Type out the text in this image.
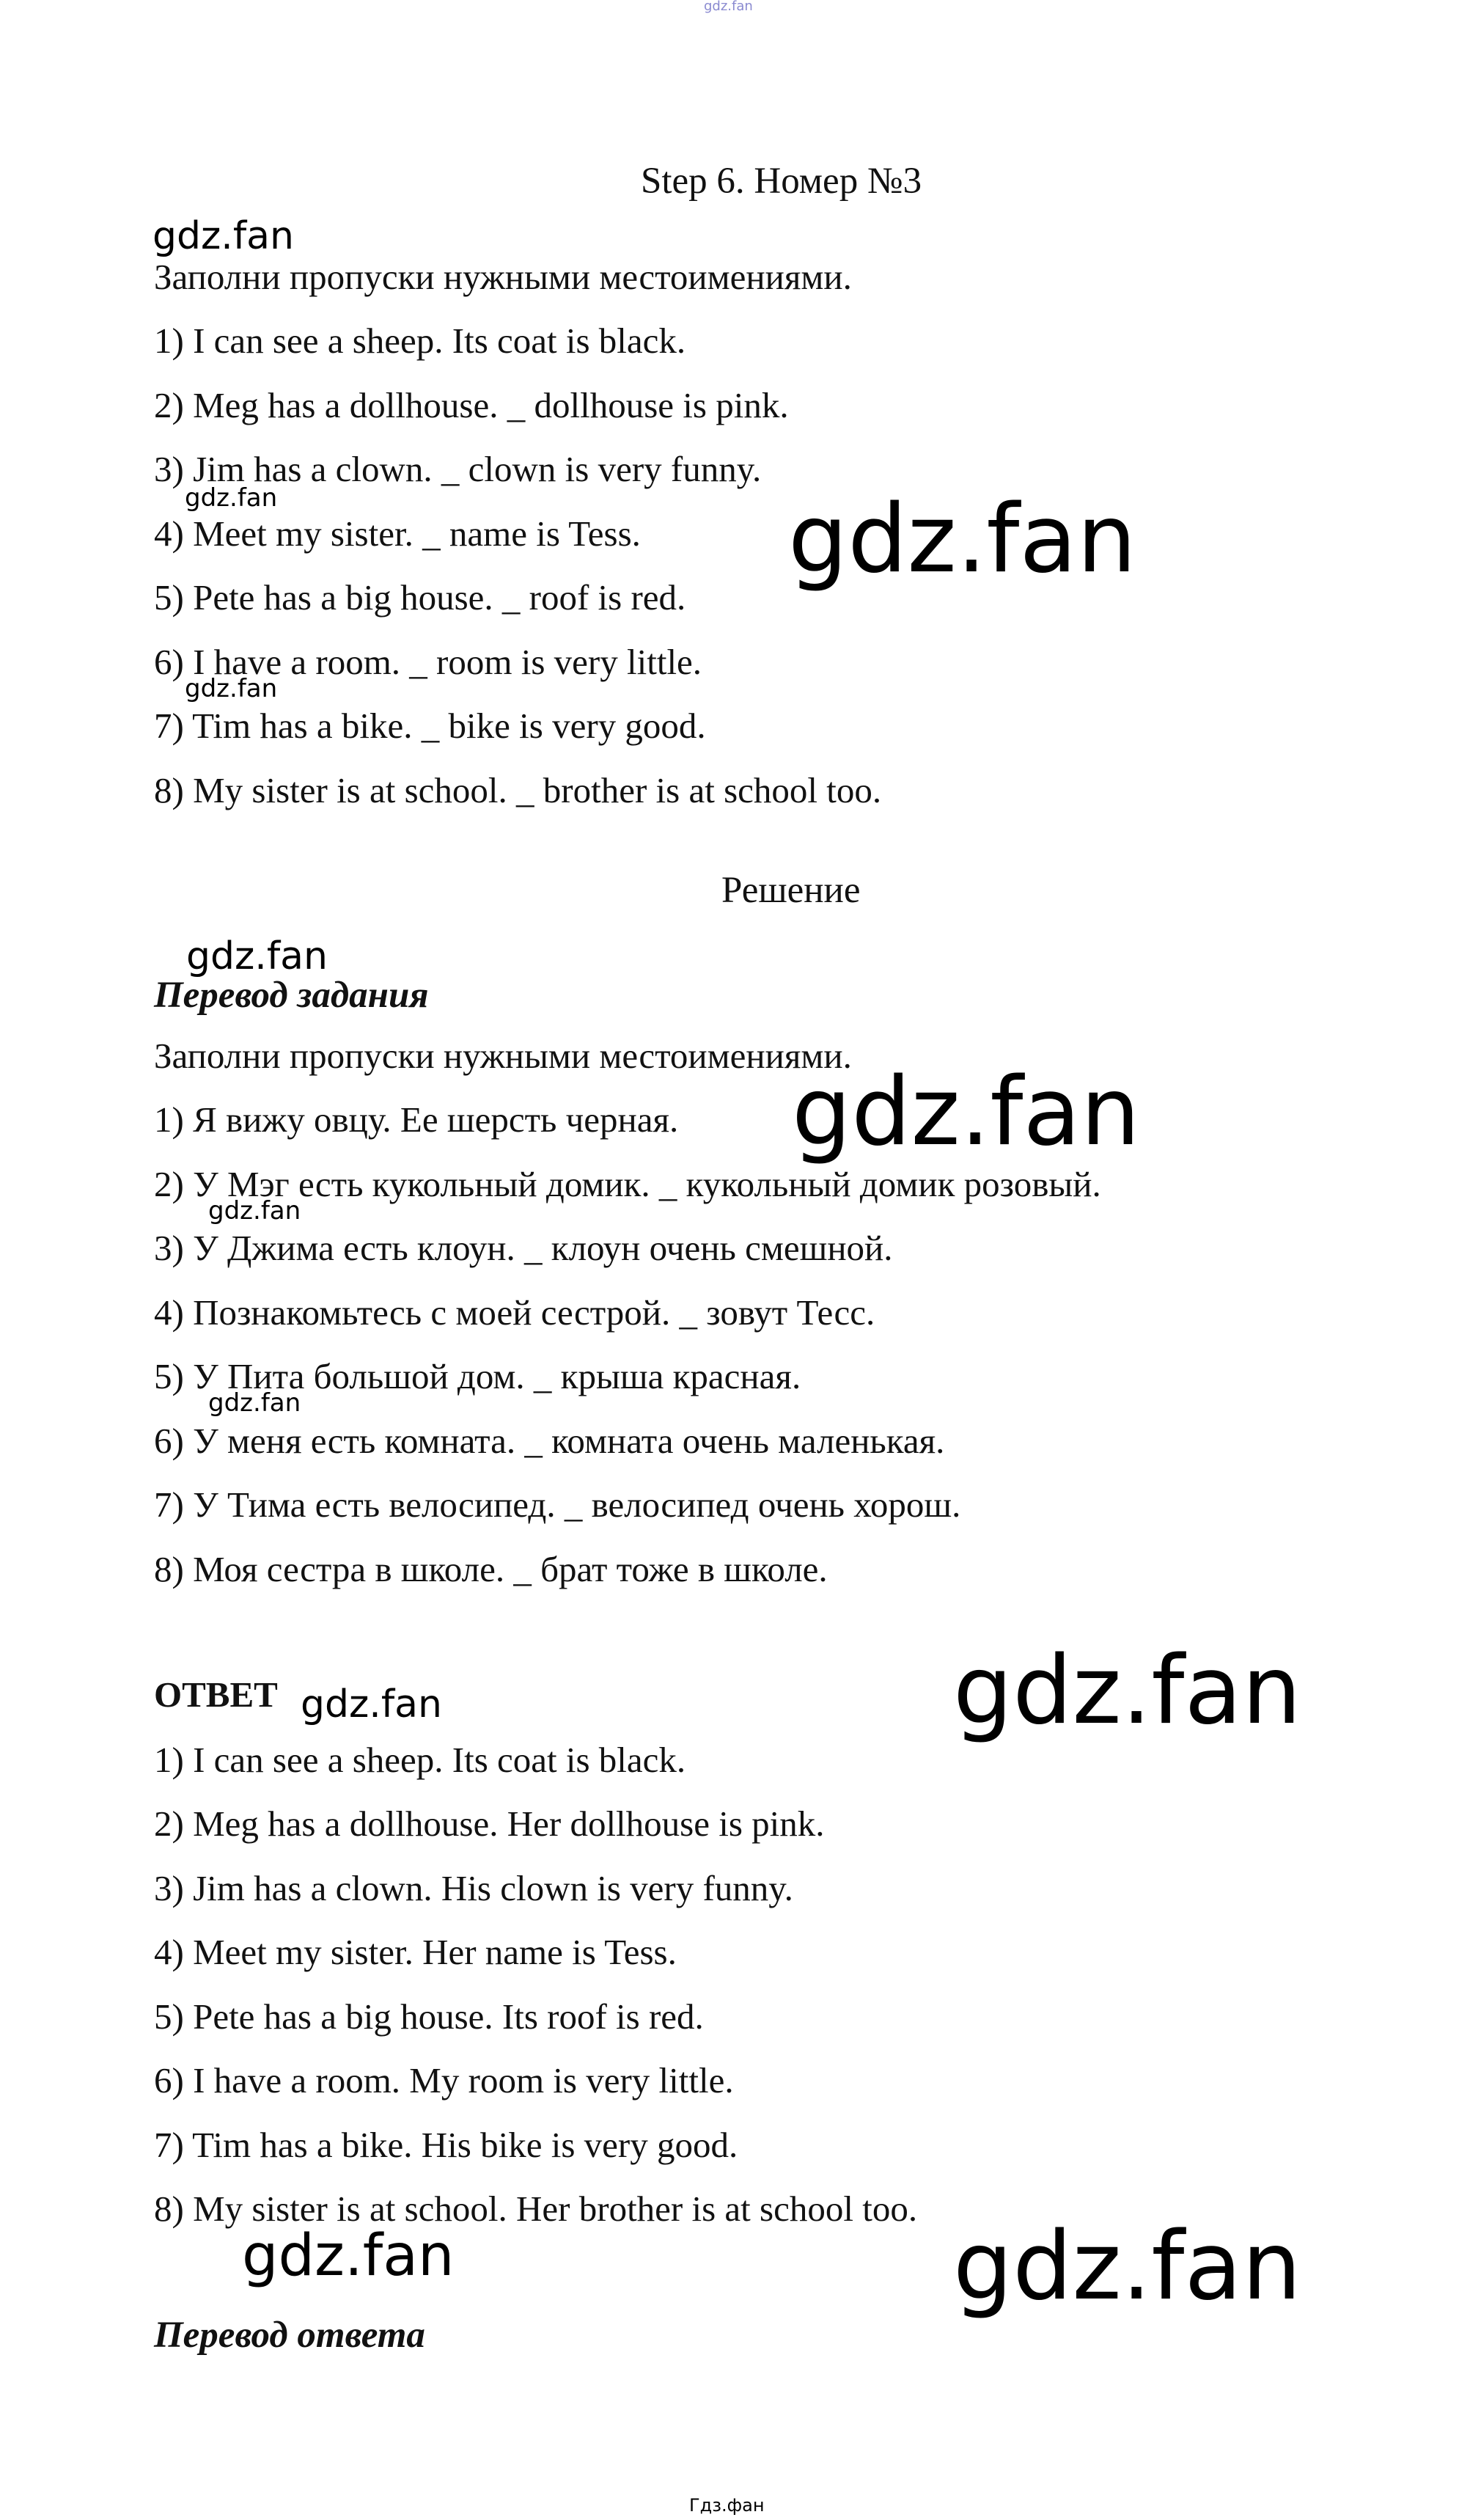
gdz.fan
Step 6. Номер №3
gdz.fan
Заполни пропуски нужными местоимениями.
1) I can see a sheep. Its coat is black.
2) Meg has a dollhouse. _ dollhouse is pink.
3) Jim has a clown. _ clown is very funny.
gdz.fan
4) Meet my sister. _ name is Tess. gdz.fan
5) Pete has a big house. _ roof is red.
6) I have a room. _ room is very little.
gdz.fan
7) Tim has a bike. _ bike is very good.
8) My sister is at school. _ brother is at school too.
Решение
gdz.fan
Перевод задания
Заполни пропуски нужными местоимениями.
1) Я вижу овцу. Ее шерсть черная. gdz.fan
2) У Мэг есть кукольный домик. _ кукольный домик розовый.
gdz.fan
3) У Джима есть клоун. _ клоун очень смешной.
4) Познакомьтесь с моей сестрой. _ зовут Тесс.
5) У Пита большой дом. _ крыша красная.
gdz.fan
6) У меня есть комната. _ комната очень маленькая.
7) У Тима есть велосипед. _ велосипед очень хорош.
8) Моя сестра в школе. _ брат тоже в школе.
ОТВЕТ gdz.fan	gdz.fan
1) I can see a sheep. Its coat is black.
2) Meg has a dollhouse. Her dollhouse is pink.
3) Jim has a clown. His clown is very funny.
4) Meet my sister. Her name is Tess.
5) Pete has a big house. Its roof is red.
6) I have a room. My room is very little.
7) Tim has a bike. His bike is very good.
8) My sister is at school. Her brother is at school too.
gdz.fan	gdz.fan
Перевод ответа
Гдз.фан
